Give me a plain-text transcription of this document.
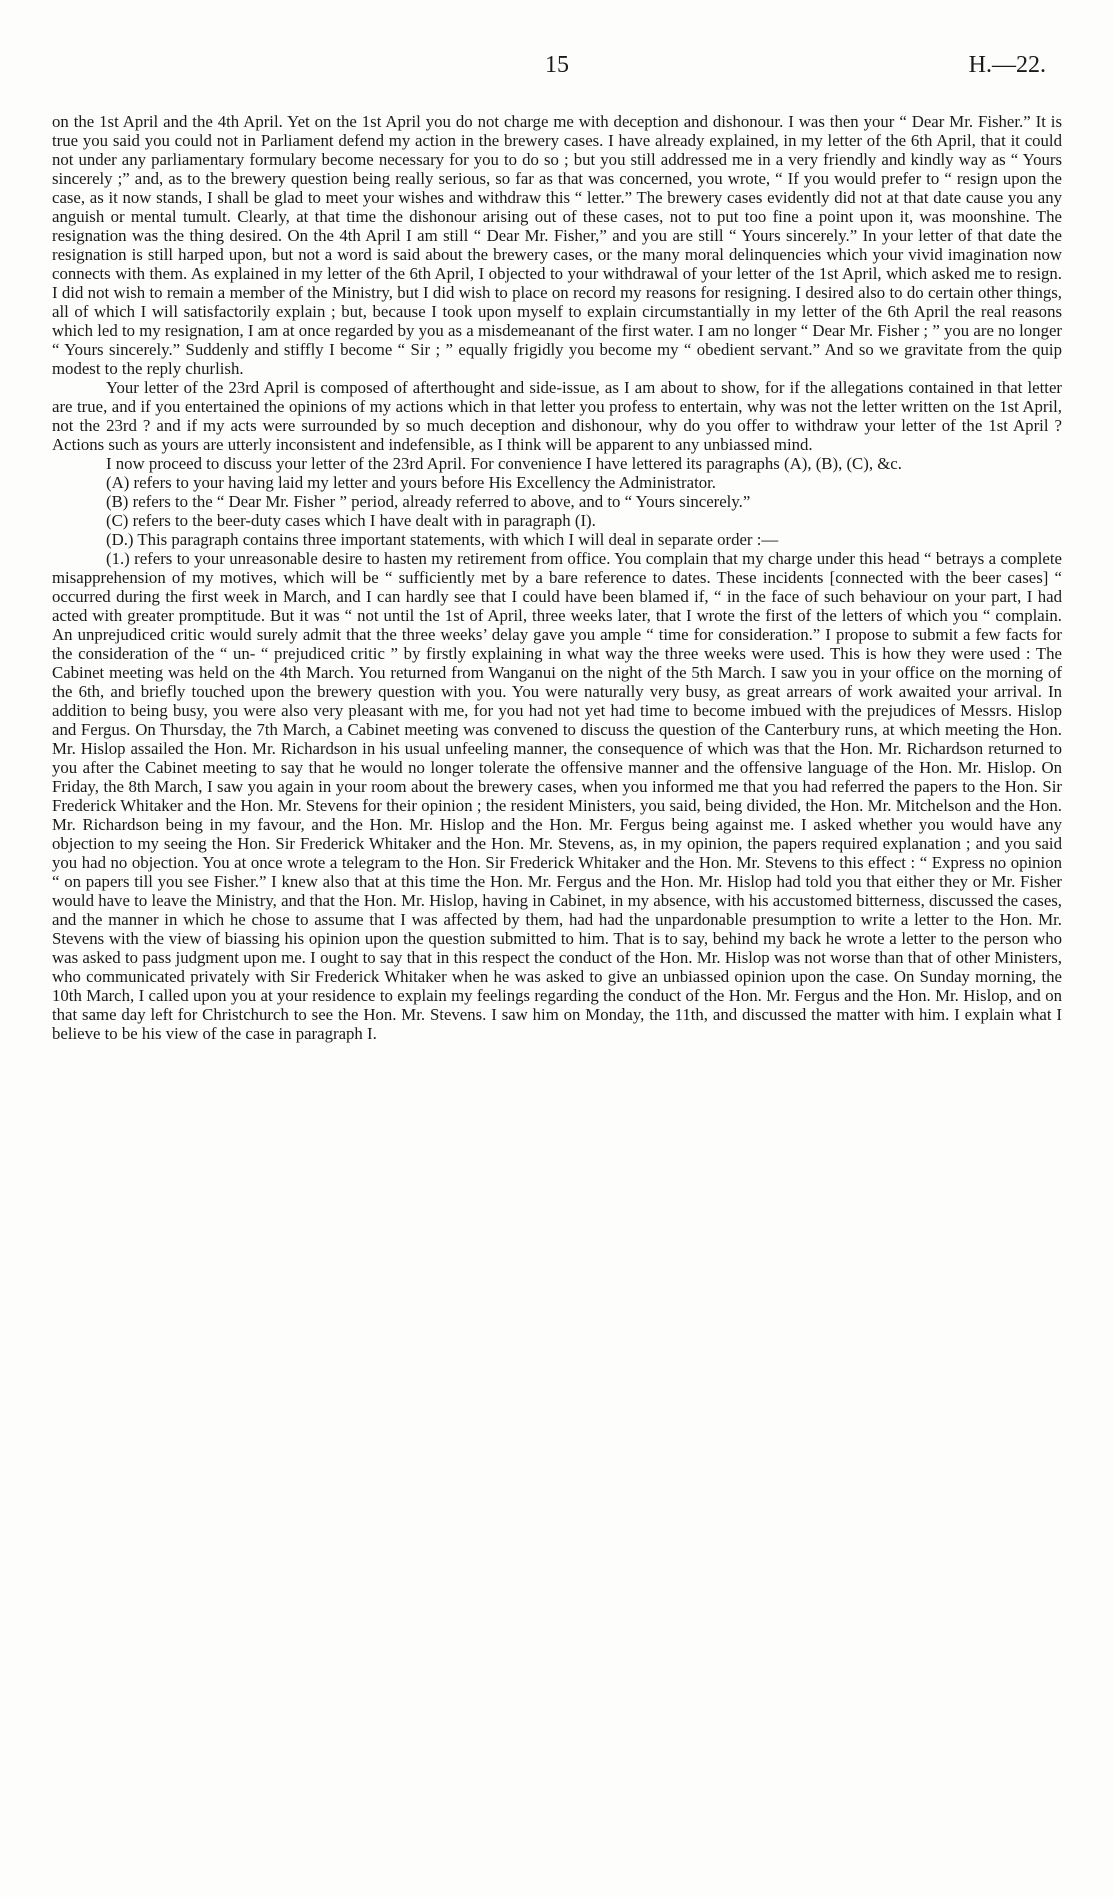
15	H.—22.

on the 1st April and the 4th April. Yet on the 1st April you do not charge me with deception and dishonour. I was then your “ Dear Mr. Fisher.” It is true you said you could not in Parliament defend my action in the brewery cases. I have already explained, in my letter of the 6th April, that it could not under any parliamentary formulary become necessary for you to do so ; but you still addressed me in a very friendly and kindly way as “ Yours sincerely ;” and, as to the brewery question being really serious, so far as that was concerned, you wrote, “ If you would prefer to “ resign upon the case, as it now stands, I shall be glad to meet your wishes and withdraw this “ letter.” The brewery cases evidently did not at that date cause you any anguish or mental tumult. Clearly, at that time the dishonour arising out of these cases, not to put too fine a point upon it, was moonshine. The resignation was the thing desired. On the 4th April I am still “ Dear Mr. Fisher,” and you are still “ Yours sincerely.” In your letter of that date the resignation is still harped upon, but not a word is said about the brewery cases, or the many moral delinquencies which your vivid imagination now connects with them. As explained in my letter of the 6th April, I objected to your withdrawal of your letter of the 1st April, which asked me to resign. I did not wish to remain a member of the Ministry, but I did wish to place on record my reasons for resigning. I desired also to do certain other things, all of which I will satisfactorily explain ; but, because I took upon myself to explain circumstantially in my letter of the 6th April the real reasons which led to my resignation, I am at once regarded by you as a misdemeanant of the first water. I am no longer “ Dear Mr. Fisher ; ” you are no longer “ Yours sincerely.” Suddenly and stiffly I become “ Sir ; ” equally frigidly you become my “ obedient servant.” And so we gravitate from the quip modest to the reply churlish.

Your letter of the 23rd April is composed of afterthought and side-issue, as I am about to show, for if the allegations contained in that letter are true, and if you entertained the opinions of my actions which in that letter you profess to entertain, why was not the letter written on the 1st April, not the 23rd ? and if my acts were surrounded by so much deception and dishonour, why do you offer to withdraw your letter of the 1st April ? Actions such as yours are utterly inconsistent and indefensible, as I think will be apparent to any unbiassed mind.

I now proceed to discuss your letter of the 23rd April. For convenience I have lettered its paragraphs (A), (B), (C), &c.

(A) refers to your having laid my letter and yours before His Excellency the Administrator.

(B) refers to the “ Dear Mr. Fisher ” period, already referred to above, and to “ Yours sincerely.”

(C) refers to the beer-duty cases which I have dealt with in paragraph (I).

(D.) This paragraph contains three important statements, with which I will deal in separate order :—

(1.) refers to your unreasonable desire to hasten my retirement from office. You complain that my charge under this head “ betrays a complete misapprehension of my motives, which will be “ sufficiently met by a bare reference to dates. These incidents [connected with the beer cases] “ occurred during the first week in March, and I can hardly see that I could have been blamed if, “ in the face of such behaviour on your part, I had acted with greater promptitude. But it was “ not until the 1st of April, three weeks later, that I wrote the first of the letters of which you “ complain. An unprejudiced critic would surely admit that the three weeks’ delay gave you ample “ time for consideration.” I propose to submit a few facts for the consideration of the “ un- “ prejudiced critic ” by firstly explaining in what way the three weeks were used. This is how they were used : The Cabinet meeting was held on the 4th March. You returned from Wanganui on the night of the 5th March. I saw you in your office on the morning of the 6th, and briefly touched upon the brewery question with you. You were naturally very busy, as great arrears of work awaited your arrival. In addition to being busy, you were also very pleasant with me, for you had not yet had time to become imbued with the prejudices of Messrs. Hislop and Fergus. On Thursday, the 7th March, a Cabinet meeting was convened to discuss the question of the Canterbury runs, at which meeting the Hon. Mr. Hislop assailed the Hon. Mr. Richardson in his usual unfeeling manner, the consequence of which was that the Hon. Mr. Richardson returned to you after the Cabinet meeting to say that he would no longer tolerate the offensive manner and the offensive language of the Hon. Mr. Hislop. On Friday, the 8th March, I saw you again in your room about the brewery cases, when you informed me that you had referred the papers to the Hon. Sir Frederick Whitaker and the Hon. Mr. Stevens for their opinion ; the resident Ministers, you said, being divided, the Hon. Mr. Mitchelson and the Hon. Mr. Richardson being in my favour, and the Hon. Mr. Hislop and the Hon. Mr. Fergus being against me. I asked whether you would have any objection to my seeing the Hon. Sir Frederick Whitaker and the Hon. Mr. Stevens, as, in my opinion, the papers required explanation ; and you said you had no objection. You at once wrote a telegram to the Hon. Sir Frederick Whitaker and the Hon. Mr. Stevens to this effect : “ Express no opinion “ on papers till you see Fisher.” I knew also that at this time the Hon. Mr. Fergus and the Hon. Mr. Hislop had told you that either they or Mr. Fisher would have to leave the Ministry, and that the Hon. Mr. Hislop, having in Cabinet, in my absence, with his accustomed bitterness, discussed the cases, and the manner in which he chose to assume that I was affected by them, had had the unpardonable presumption to write a letter to the Hon. Mr. Stevens with the view of biassing his opinion upon the question submitted to him. That is to say, behind my back he wrote a letter to the person who was asked to pass judgment upon me. I ought to say that in this respect the conduct of the Hon. Mr. Hislop was not worse than that of other Ministers, who communicated privately with Sir Frederick Whitaker when he was asked to give an unbiassed opinion upon the case. On Sunday morning, the 10th March, I called upon you at your residence to explain my feelings regarding the conduct of the Hon. Mr. Fergus and the Hon. Mr. Hislop, and on that same day left for Christchurch to see the Hon. Mr. Stevens. I saw him on Monday, the 11th, and discussed the matter with him. I explain what I believe to be his view of the case in paragraph I.
